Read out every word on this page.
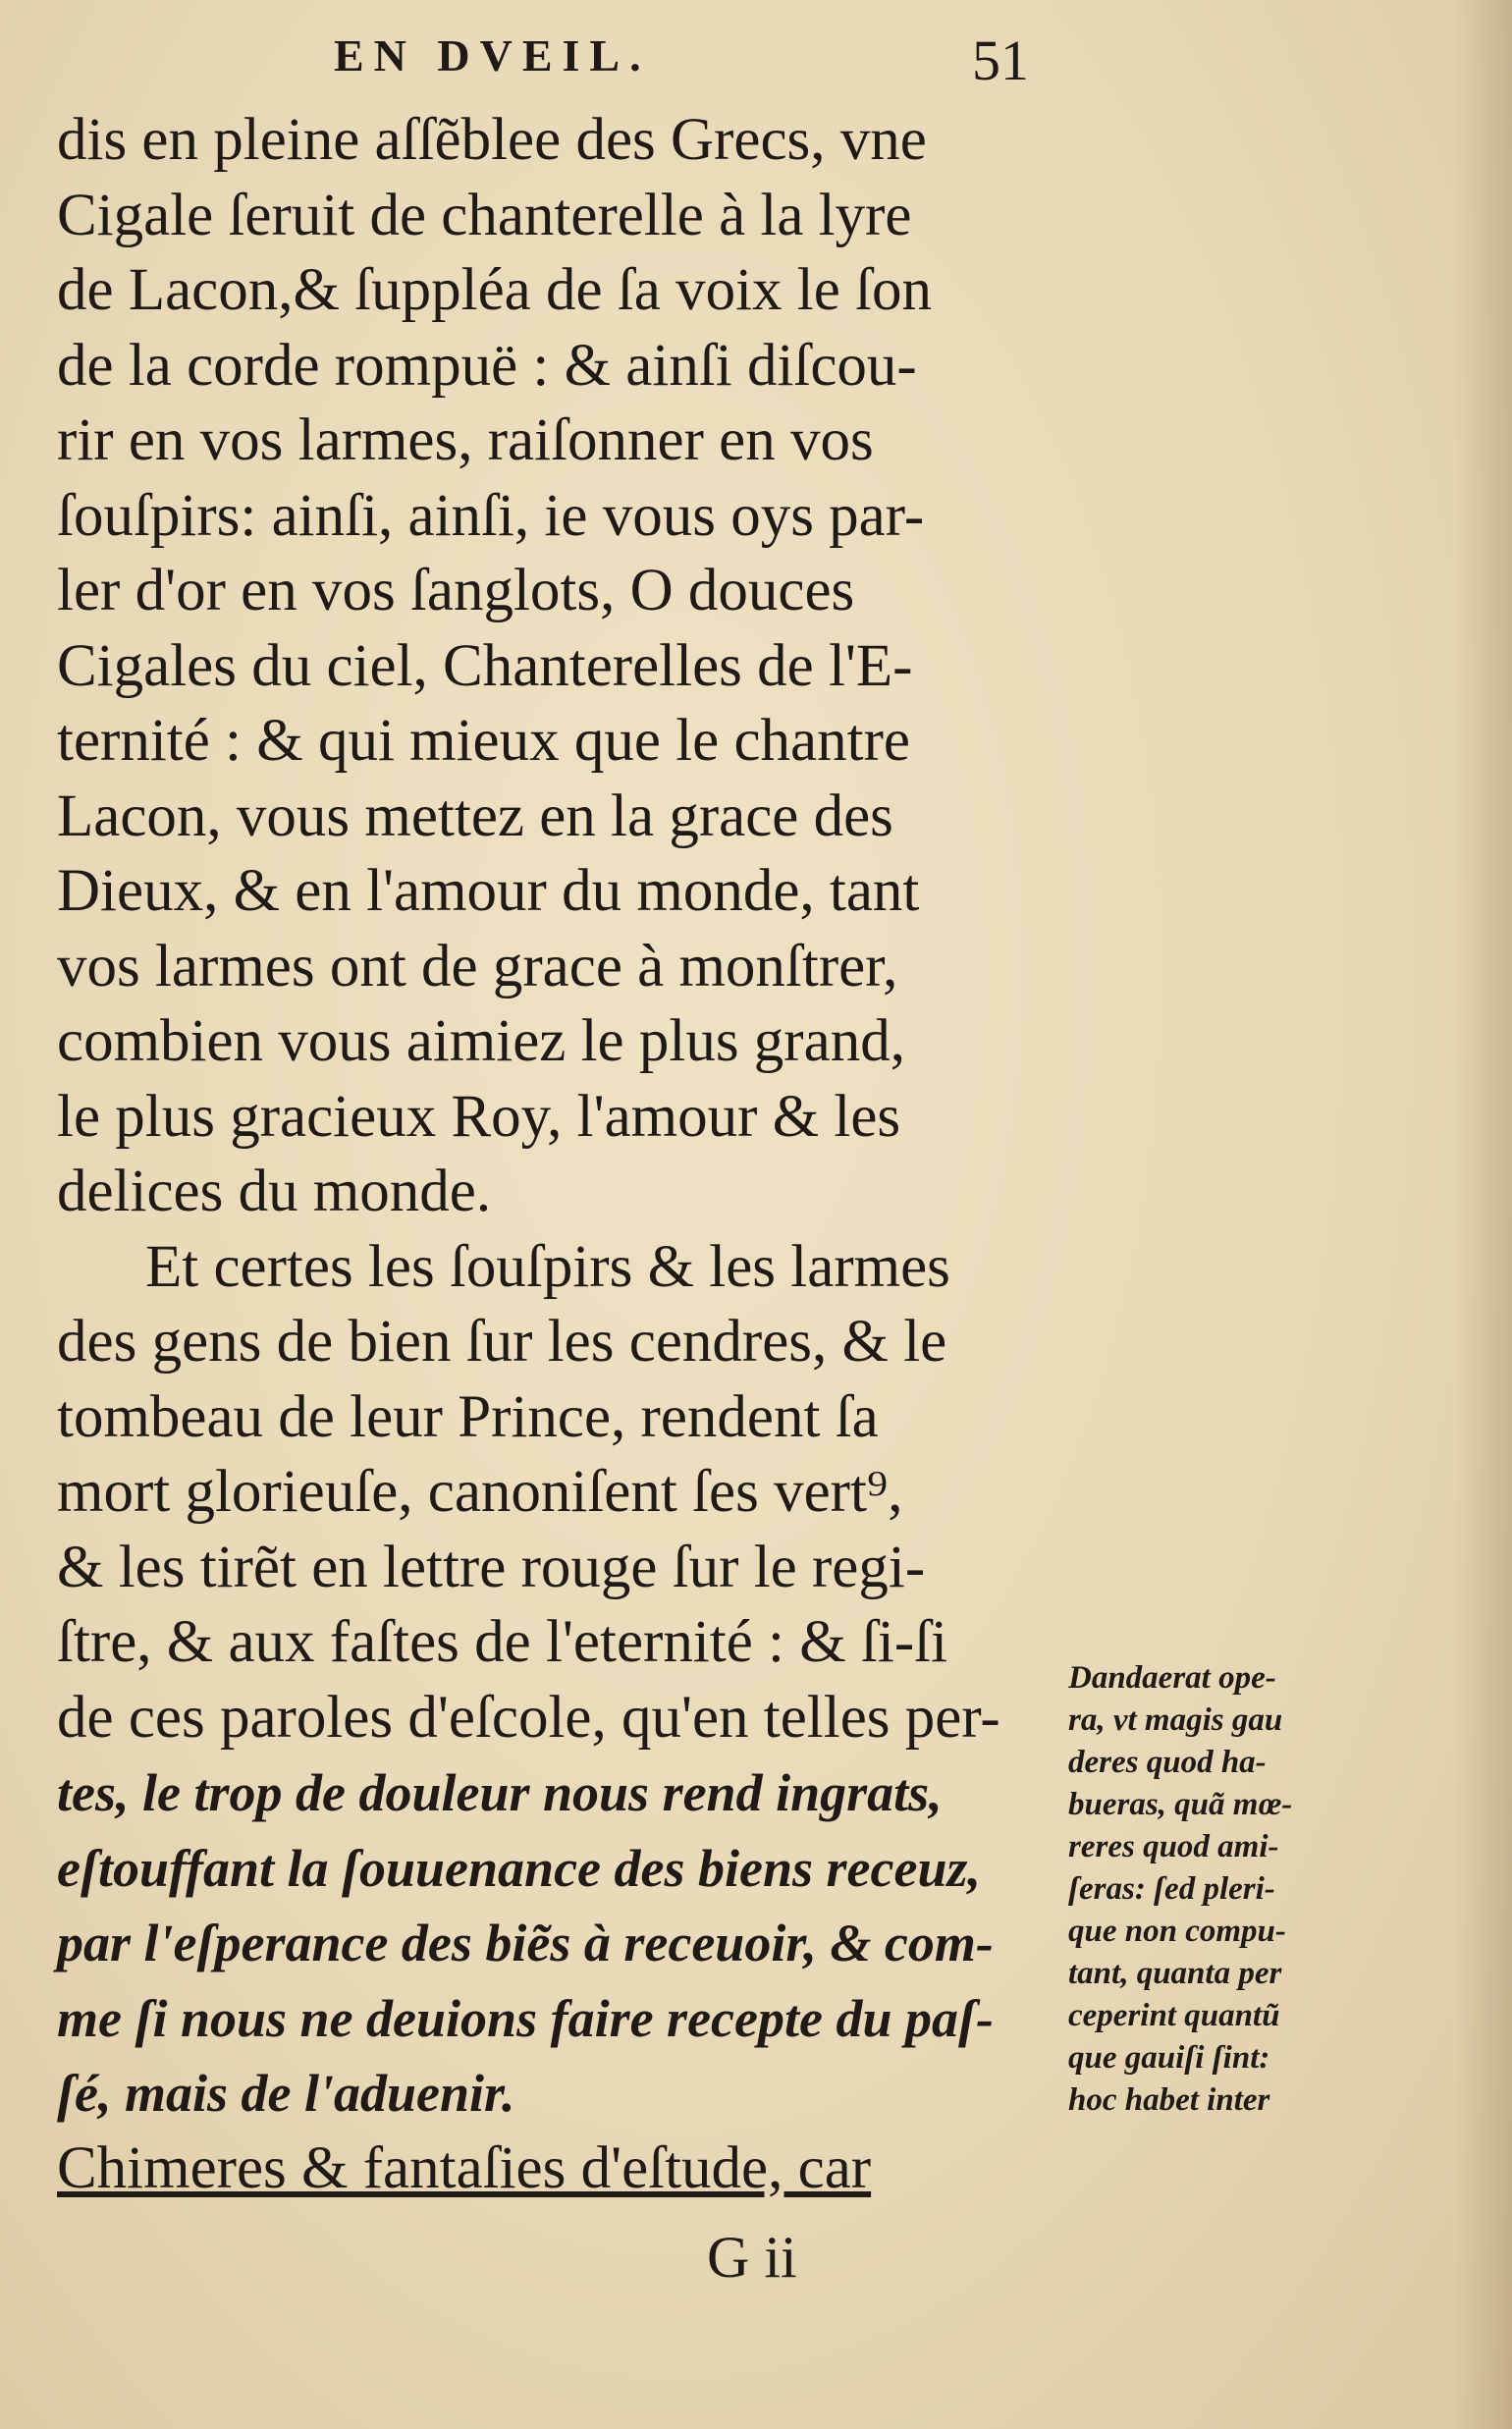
EN DVEIL.	51
dis en pleine aſſẽblee des Grecs, vne
Cigale ſeruit de chanterelle à la lyre
de Lacon,& ſuppléa de ſa voix le ſon
de la corde rompuë : & ainſi diſcou-
rir en vos larmes, raiſonner en vos
ſouſpirs: ainſi, ainſi, ie vous oys par-
ler d'or en vos ſanglots, O douces
Cigales du ciel, Chanterelles de l'E-
ternité : & qui mieux que le chantre
Lacon, vous mettez en la grace des
Dieux, & en l'amour du monde, tant
vos larmes ont de grace à monſtrer,
combien vous aimiez le plus grand,
le plus gracieux Roy, l'amour & les
delices du monde.
Et certes les ſouſpirs & les larmes
des gens de bien ſur les cendres, & le
tombeau de leur Prince, rendent ſa
mort glorieuſe, canoniſent ſes vert⁹,
& les tirẽt en lettre rouge ſur le regi-
ſtre, & aux faſtes de l'eternité : & ſi-ſi
de ces paroles d'eſcole, qu'en telles per-
tes, le trop de douleur nous rend ingrats,
eſtouffant la ſouuenance des biens receuz,
par l'eſperance des biẽs à receuoir, & com-
me ſi nous ne deuions faire recepte du paſ-
ſé, mais de l'aduenir.
Chimeres & fantaſies d'eſtude, car
Dandaerat ope-
ra, vt magis gau
deres quod ha-
bueras, quã mœ-
reres quod ami-
ſeras: ſed pleri-
que non compu-
tant, quanta per
ceperint quantũ
que gauiſi ſint:
hoc habet inter
G ii
